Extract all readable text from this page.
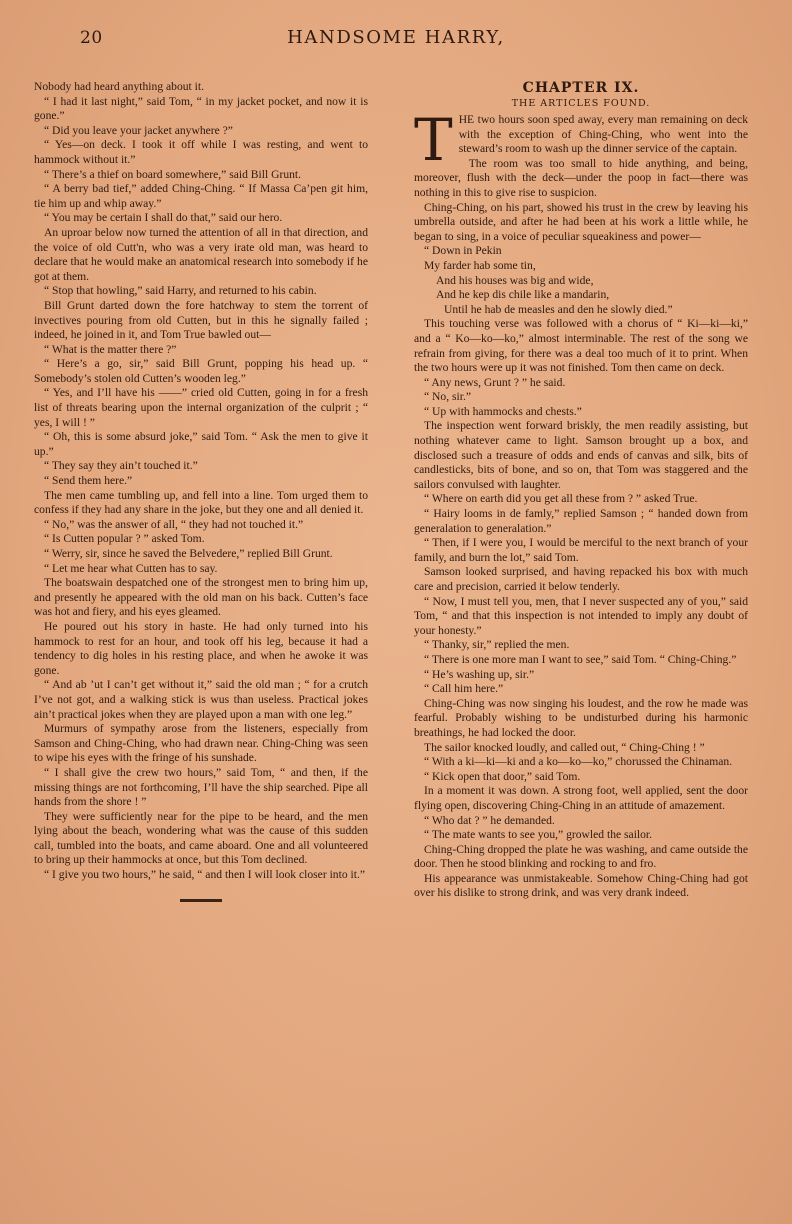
20	HANDSOME HARRY,

Nobody had heard anything about it.

“ I had it last night,” said Tom, “ in my jacket pocket, and now it is gone.”

“ Did you leave your jacket anywhere ?”

“ Yes—on deck. I took it off while I was resting, and went to hammock without it.”

“ There’s a thief on board somewhere,” said Bill Grunt.

“ A berry bad tief,” added Ching-Ching. “ If Massa Ca’pen git him, tie him up and whip away.”

“ You may be certain I shall do that,” said our hero.

An uproar below now turned the attention of all in that direction, and the voice of old Cutt'n, who was a very irate old man, was heard to declare that he would make an anatomical research into somebody if he got at them.

“ Stop that howling,” said Harry, and returned to his cabin.

Bill Grunt darted down the fore hatchway to stem the torrent of invectives pouring from old Cutten, but in this he signally failed ; indeed, he joined in it, and Tom True bawled out—

“ What is the matter there ?”

“ Here’s a go, sir,” said Bill Grunt, popping his head up. “ Somebody’s stolen old Cutten’s wooden leg.”

“ Yes, and I’ll have his ——” cried old Cutten, going in for a fresh list of threats bearing upon the internal organization of the culprit ; “ yes, I will ! ”

“ Oh, this is some absurd joke,” said Tom. “ Ask the men to give it up.”

“ They say they ain’t touched it.”

“ Send them here.”

The men came tumbling up, and fell into a line. Tom urged them to confess if they had any share in the joke, but they one and all denied it.

“ No,” was the answer of all, “ they had not touched it.”

“ Is Cutten popular ? ” asked Tom.

“ Werry, sir, since he saved the Belvedere,” replied Bill Grunt.

“ Let me hear what Cutten has to say.

The boatswain despatched one of the strongest men to bring him up, and presently he appeared with the old man on his back. Cutten’s face was hot and fiery, and his eyes gleamed.

He poured out his story in haste. He had only turned into his hammock to rest for an hour, and took off his leg, because it had a tendency to dig holes in his resting place, and when he awoke it was gone.

“ And ab ’ut I can’t get without it,” said the old man ; “ for a crutch I’ve not got, and a walking stick is wus than useless. Practical jokes ain’t practical jokes when they are played upon a man with one leg.”

Murmurs of sympathy arose from the listeners, especially from Samson and Ching-Ching, who had drawn near. Ching-Ching was seen to wipe his eyes with the fringe of his sunshade.

“ I shall give the crew two hours,” said Tom, “ and then, if the missing things are not forthcoming, I’ll have the ship searched. Pipe all hands from the shore ! ”

They were sufficiently near for the pipe to be heard, and the men lying about the beach, wondering what was the cause of this sudden call, tumbled into the boats, and came aboard. One and all volunteered to bring up their hammocks at once, but this Tom declined.

“ I give you two hours,” he said, “ and then I will look closer into it.”

CHAPTER IX.
THE ARTICLES FOUND.

THE two hours soon sped away, every man remaining on deck with the exception of Ching-Ching, who went into the steward’s room to wash up the dinner service of the captain.

The room was too small to hide anything, and being, moreover, flush with the deck—under the poop in fact—there was nothing in this to give rise to suspicion.

Ching-Ching, on his part, showed his trust in the crew by leaving his umbrella outside, and after he had been at his work a little while, he began to sing, in a voice of peculiar squeakiness and power—

“ Down in Pekin

My farder hab some tin,

And his houses was big and wide,

And he kep dis chile like a mandarin,

Until he hab de measles and den he slowly died.”

This touching verse was followed with a chorus of “ Ki—ki—ki,” and a “ Ko—ko—ko,” almost interminable. The rest of the song we refrain from giving, for there was a deal too much of it to print. When the two hours were up it was not finished. Tom then came on deck.

“ Any news, Grunt ? ” he said.

“ No, sir.”

“ Up with hammocks and chests.”

The inspection went forward briskly, the men readily assisting, but nothing whatever came to light. Samson brought up a box, and disclosed such a treasure of odds and ends of canvas and silk, bits of candlesticks, bits of bone, and so on, that Tom was staggered and the sailors convulsed with laughter.

“ Where on earth did you get all these from ? ” asked True.

“ Hairy looms in de famly,” replied Samson ; “ handed down from generalation to generalation.”

“ Then, if I were you, I would be merciful to the next branch of your family, and burn the lot,” said Tom.

Samson looked surprised, and having repacked his box with much care and precision, carried it below tenderly.

“ Now, I must tell you, men, that I never suspected any of you,” said Tom, “ and that this inspection is not intended to imply any doubt of your honesty.”

“ Thanky, sir,” replied the men.

“ There is one more man I want to see,” said Tom. “ Ching-Ching.”

“ He’s washing up, sir.”

“ Call him here.”

Ching-Ching was now singing his loudest, and the row he made was fearful. Probably wishing to be undisturbed during his harmonic breathings, he had locked the door.

The sailor knocked loudly, and called out, “ Ching-Ching ! ”

“ With a ki—ki—ki and a ko—ko—ko,” chorussed the Chinaman.

“ Kick open that door,” said Tom.

In a moment it was down. A strong foot, well applied, sent the door flying open, discovering Ching-Ching in an attitude of amazement.

“ Who dat ? ” he demanded.

“ The mate wants to see you,” growled the sailor.

Ching-Ching dropped the plate he was washing, and came outside the door. Then he stood blinking and rocking to and fro.

His appearance was unmistakeable. Somehow Ching-Ching had got over his dislike to strong drink, and was very drank indeed.
